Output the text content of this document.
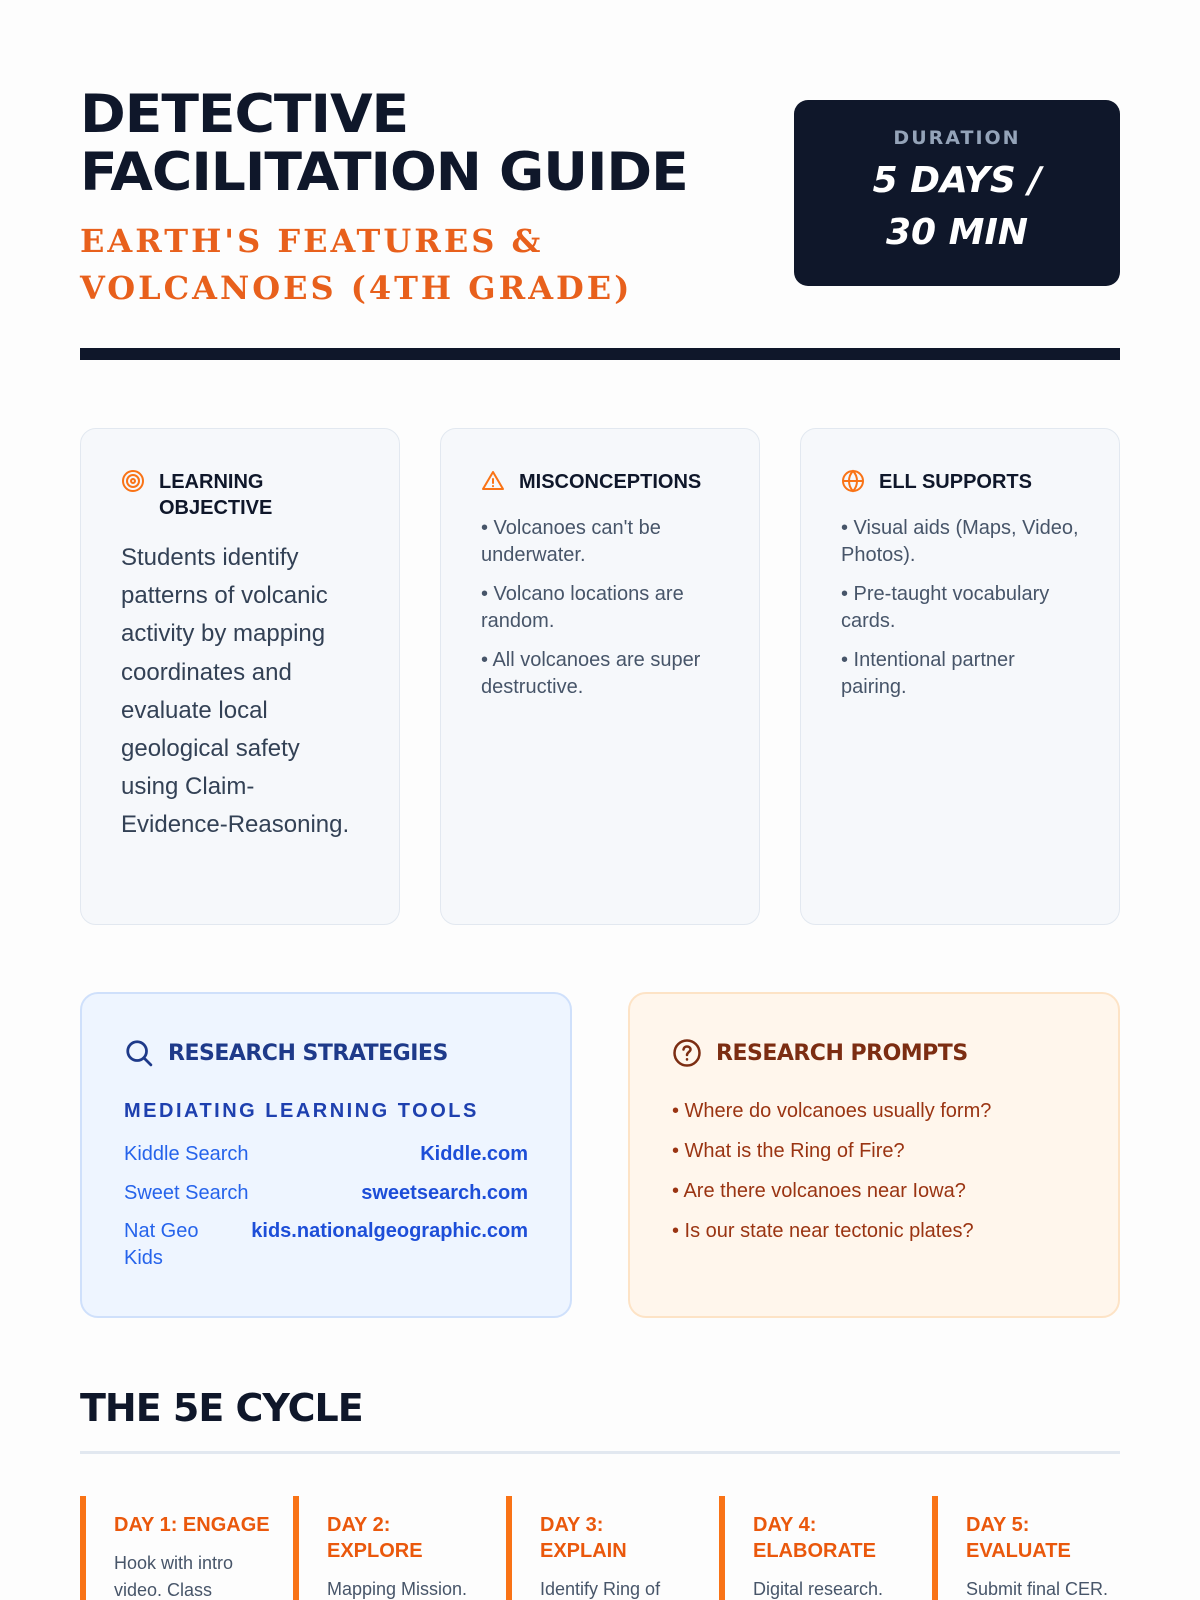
DETECTIVE
FACILITATION GUIDE
EARTH'S FEATURES & VOLCANOES (4TH GRADE)
DURATION
5 DAYS / 30 MIN
LEARNING OBJECTIVE

Students identify patterns of volcanic activity by mapping coordinates and evaluate local geological safety using Claim-Evidence-Reasoning.

MISCONCEPTIONS
• Volcanoes can't be underwater.
• Volcano locations are random.
• All volcanoes are super destructive.
ELL SUPPORTS
• Visual aids (Maps, Video, Photos).
• Pre-taught vocabulary cards.
• Intentional partner pairing.
RESEARCH STRATEGIES
MEDIATING LEARNING TOOLS
Kiddle Search	Kiddle.com
Sweet Search	sweetsearch.com
Nat Geo Kids
kids.nationalgeographic.com
RESEARCH PROMPTS
• Where do volcanoes usually form?
• What is the Ring of Fire?
• Are there volcanoes near Iowa?
• Is our state near tectonic plates?
THE 5E CYCLE
DAY 1: ENGAGE
Hook with intro video. Class
DAY 2: EXPLORE
Mapping Mission.
DAY 3: EXPLAIN
Identify Ring of
DAY 4: ELABORATE
Digital research.
DAY 5: EVALUATE
Submit final CER.
